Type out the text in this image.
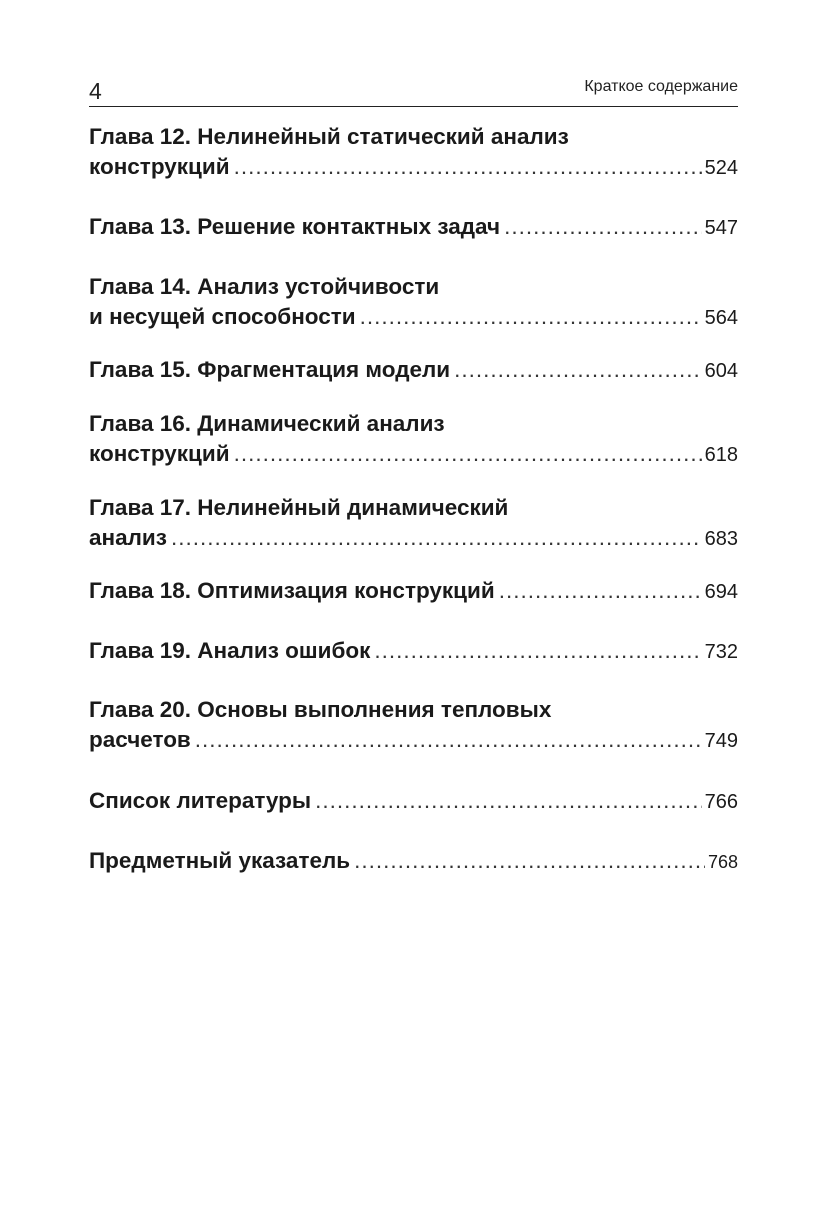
4	Краткое содержание
Глава 12. Нелинейный статический анализ
конструкций .....	524
Глава 13. Решение контактных задач .....	547
Глава 14. Анализ устойчивости
и несущей способности .....	564
Глава 15. Фрагментация модели .....	604
Глава 16. Динамический анализ
конструкций .....	618
Глава 17. Нелинейный динамический
анализ .....	683
Глава 18. Оптимизация конструкций .....	694
Глава 19. Анализ ошибок .....	732
Глава 20. Основы выполнения тепловых
расчетов .....	749
Список литературы .....	766
Предметный указатель .....	768
